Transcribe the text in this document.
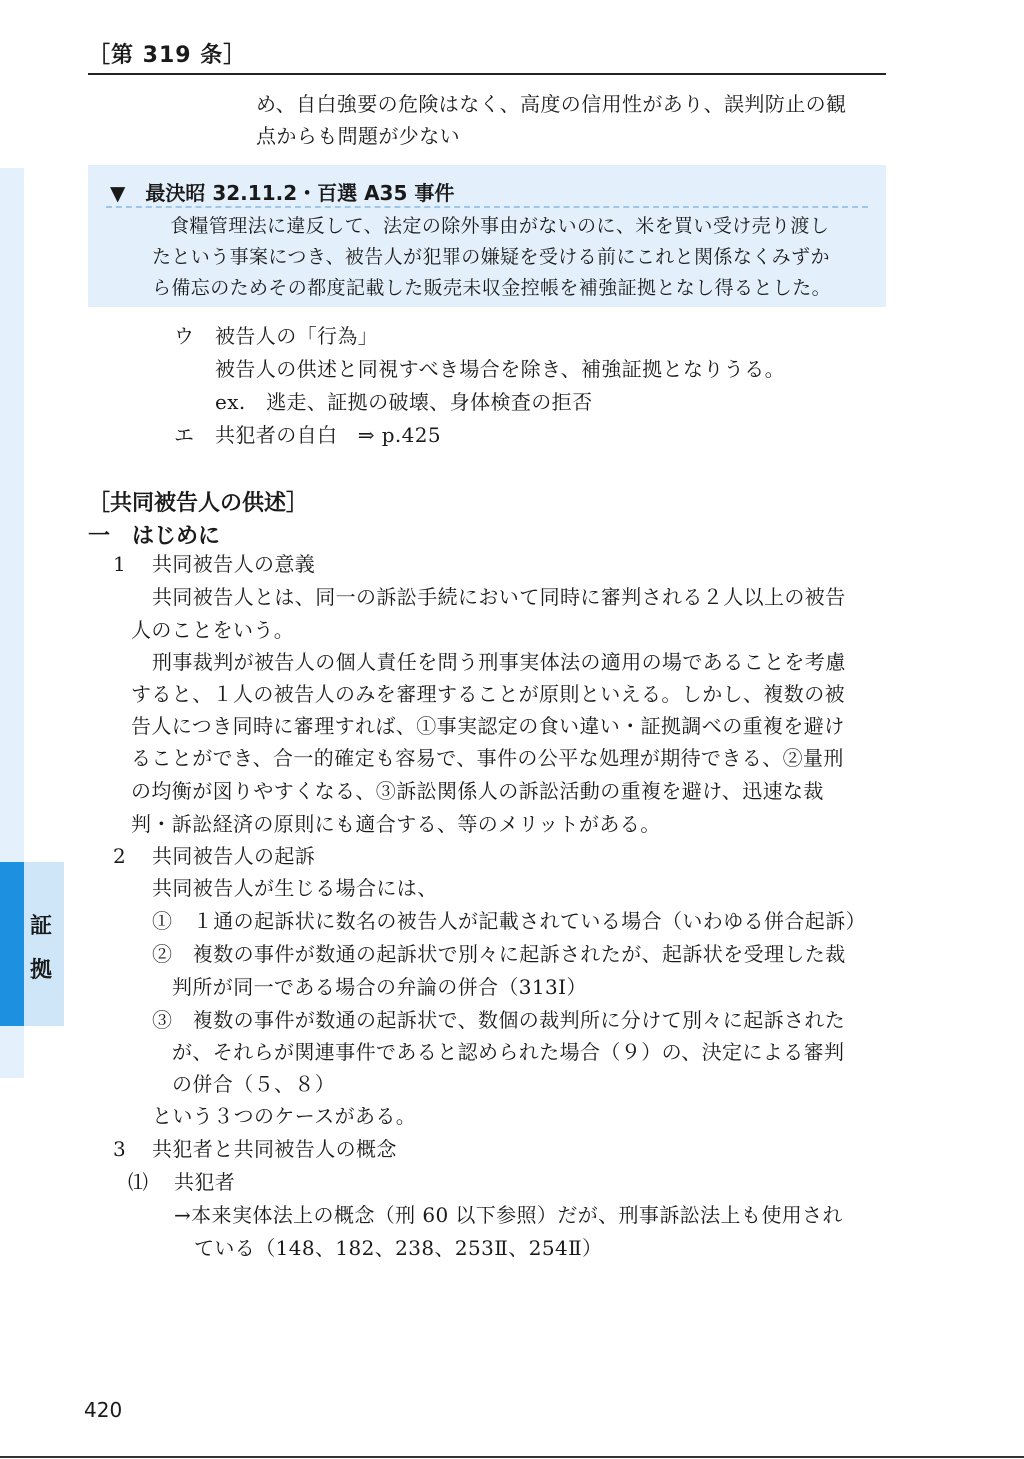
［第 319 条］
証
拠
め、自白強要の危険はなく、高度の信用性があり、誤判防止の観
点からも問題が少ない
▼　最決昭 32.11.2・百選 A35 事件
食糧管理法に違反して、法定の除外事由がないのに、米を買い受け売り渡し
たという事案につき、被告人が犯罪の嫌疑を受ける前にこれと関係なくみずか
ら備忘のためその都度記載した販売未収金控帳を補強証拠となし得るとした。
ウ 被告人の「行為」
被告人の供述と同視すべき場合を除き、補強証拠となりうる。
ex.　逃走、証拠の破壊、身体検査の拒否
エ 共犯者の自白　⇒ p.425
［共同被告人の供述］
一　はじめに
1 共同被告人の意義
共同被告人とは、同一の訴訟手続において同時に審判される２人以上の被告
人のことをいう。
刑事裁判が被告人の個人責任を問う刑事実体法の適用の場であることを考慮
すると、１人の被告人のみを審理することが原則といえる。しかし、複数の被
告人につき同時に審理すれば、①事実認定の食い違い・証拠調べの重複を避け
ることができ、合一的確定も容易で、事件の公平な処理が期待できる、②量刑
の均衡が図りやすくなる、③訴訟関係人の訴訟活動の重複を避け、迅速な裁
判・訴訟経済の原則にも適合する、等のメリットがある。
2 共同被告人の起訴
共同被告人が生じる場合には、
①　１通の起訴状に数名の被告人が記載されている場合（いわゆる併合起訴）
②　複数の事件が数通の起訴状で別々に起訴されたが、起訴状を受理した裁
判所が同一である場合の弁論の併合（313Ⅰ）
③　複数の事件が数通の起訴状で、数個の裁判所に分けて別々に起訴された
が、それらが関連事件であると認められた場合（９）の、決定による審判
の併合（５、８）
という３つのケースがある。
3 共犯者と共同被告人の概念
⑴ 共犯者
→本来実体法上の概念（刑 60 以下参照）だが、刑事訴訟法上も使用され
ている（148、182、238、253Ⅱ、254Ⅱ）
420
